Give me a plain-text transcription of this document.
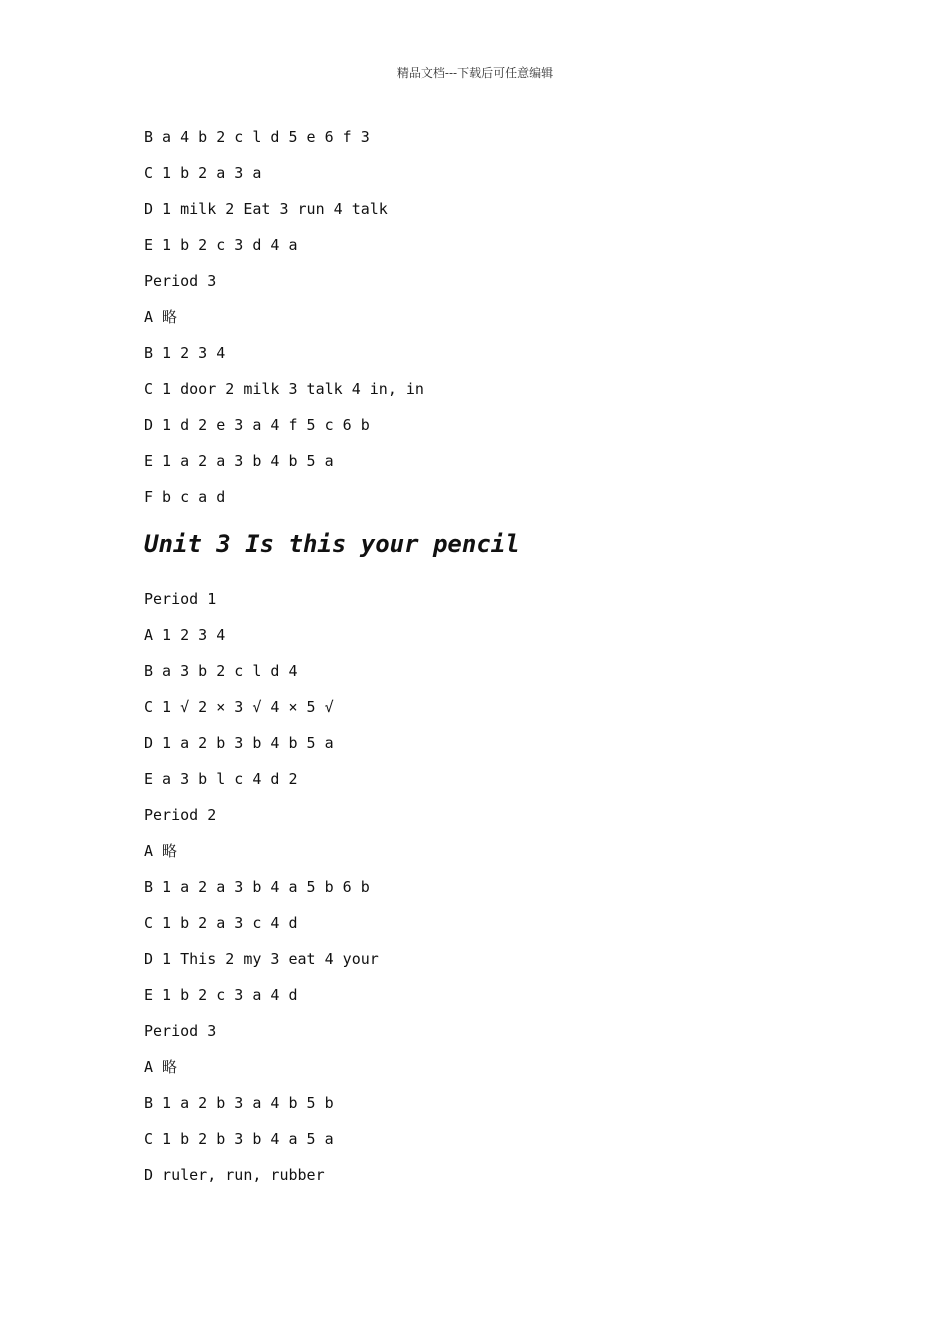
精品文档---下载后可任意编辑
B a 4 b 2 c l d 5 e 6 f 3
C 1 b 2 a 3 a
D 1 milk 2 Eat 3 run 4 talk
E 1 b 2 c 3 d 4 a
Period 3
A 略
B 1 2 3 4
C 1 door 2 milk 3 talk 4 in, in
D 1 d 2 e 3 a 4 f 5 c 6 b
E 1 a 2 a 3 b 4 b 5 a
F b c a d
Unit 3 Is this your pencil
Period 1
A 1 2 3 4
B a 3 b 2 c l d 4
C 1 √ 2 × 3 √ 4 × 5 √
D 1 a 2 b 3 b 4 b 5 a
E a 3 b l c 4 d 2
Period 2
A 略
B 1 a 2 a 3 b 4 a 5 b 6 b
C 1 b 2 a 3 c 4 d
D 1 This 2 my 3 eat 4 your
E 1 b 2 c 3 a 4 d
Period 3
A 略
B 1 a 2 b 3 a 4 b 5 b
C 1 b 2 b 3 b 4 a 5 a
D ruler, run, rubber
